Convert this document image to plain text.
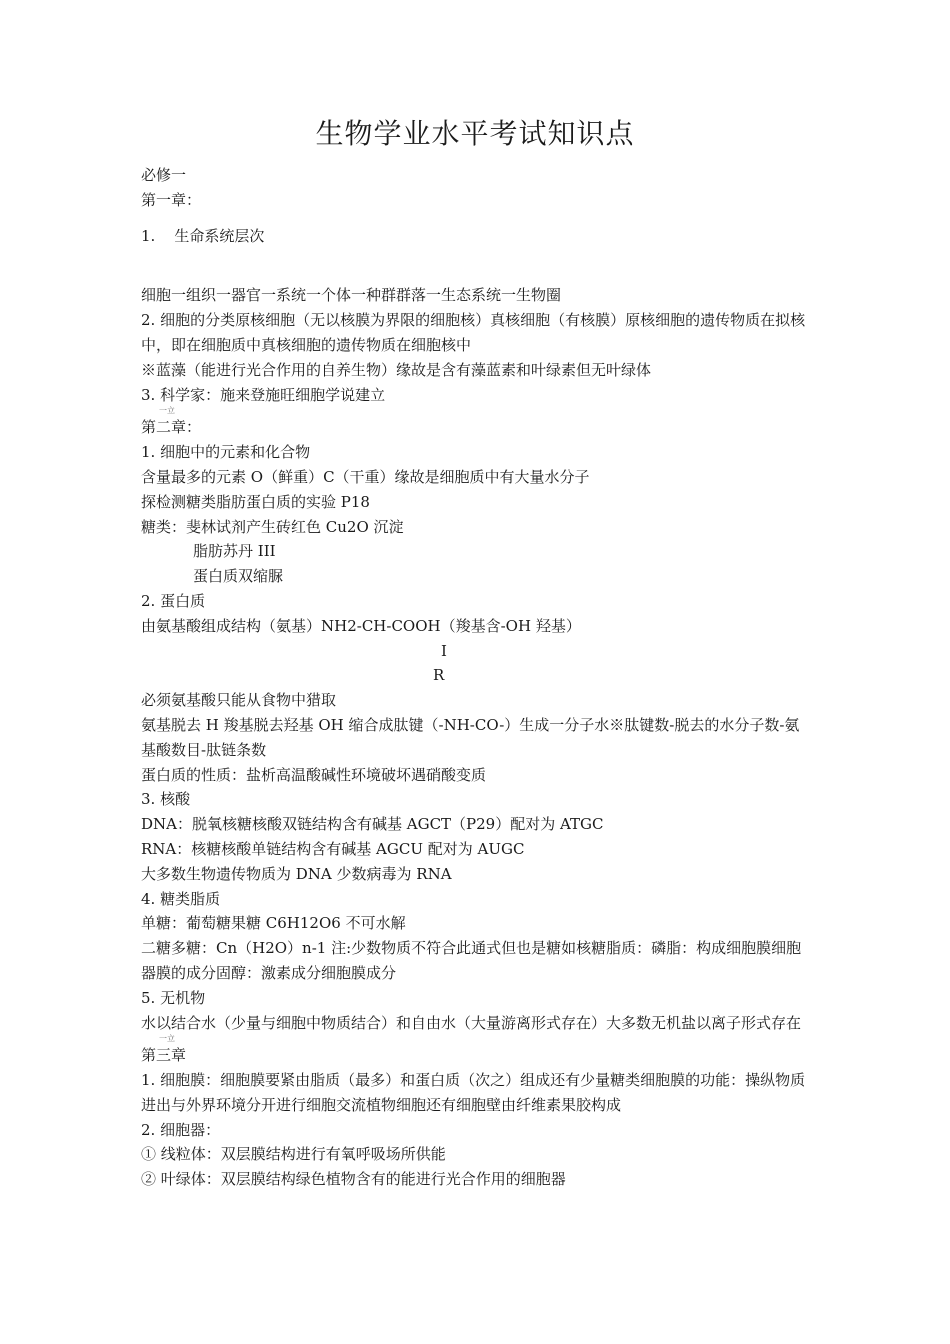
生物学业水平考试知识点
必修一
第一章：
1.    生命系统层次
细胞一组织一器官一系统一个体一种群群落一生态系统一生物圈
2. 细胞的分类原核细胞（无以核膜为界限的细胞核）真核细胞（有核膜）原核细胞的遗传物质在拟核中，即在细胞质中真核细胞的遗传物质在细胞核中
※蓝藻（能进行光合作用的自养生物）缘故是含有藻蓝素和叶绿素但无叶绿体
3. 科学家：施来登施旺细胞学说建立
一立
第二章：
1. 细胞中的元素和化合物
含量最多的元素 O（鲜重）C（干重）缘故是细胞质中有大量水分子
探检测糖类脂肪蛋白质的实验 P18
糖类：斐林试剂产生砖红色 Cu2O 沉淀
脂肪苏丹 III
蛋白质双缩脲
2. 蛋白质
由氨基酸组成结构（氨基）NH2-CH-COOH（羧基含-OH 羟基）
I
R
必须氨基酸只能从食物中猎取
氨基脱去 H 羧基脱去羟基 OH 缩合成肽键（-NH-CO-）生成一分子水※肽键数-脱去的水分子数-氨基酸数目-肽链条数
蛋白质的性质：盐析高温酸碱性环境破坏遇硝酸变质
3. 核酸
DNA：脱氧核糖核酸双链结构含有碱基 AGCT（P29）配对为 ATGC
RNA：核糖核酸单链结构含有碱基 AGCU 配对为 AUGC
大多数生物遗传物质为 DNA 少数病毒为 RNA
4. 糖类脂质
单糖：葡萄糖果糖 C6H12O6 不可水解
二糖多糖：Cn（H2O）n-1 注:少数物质不符合此通式但也是糖如核糖脂质：磷脂：构成细胞膜细胞器膜的成分固醇：激素成分细胞膜成分
5. 无机物
水以结合水（少量与细胞中物质结合）和自由水（大量游离形式存在）大多数无机盐以离子形式存在
一立
第三章
1. 细胞膜：细胞膜要紧由脂质（最多）和蛋白质（次之）组成还有少量糖类细胞膜的功能：操纵物质进出与外界环境分开进行细胞交流植物细胞还有细胞壁由纤维素果胶构成
2. 细胞器：
① 线粒体：双层膜结构进行有氧呼吸场所供能
② 叶绿体：双层膜结构绿色植物含有的能进行光合作用的细胞器
